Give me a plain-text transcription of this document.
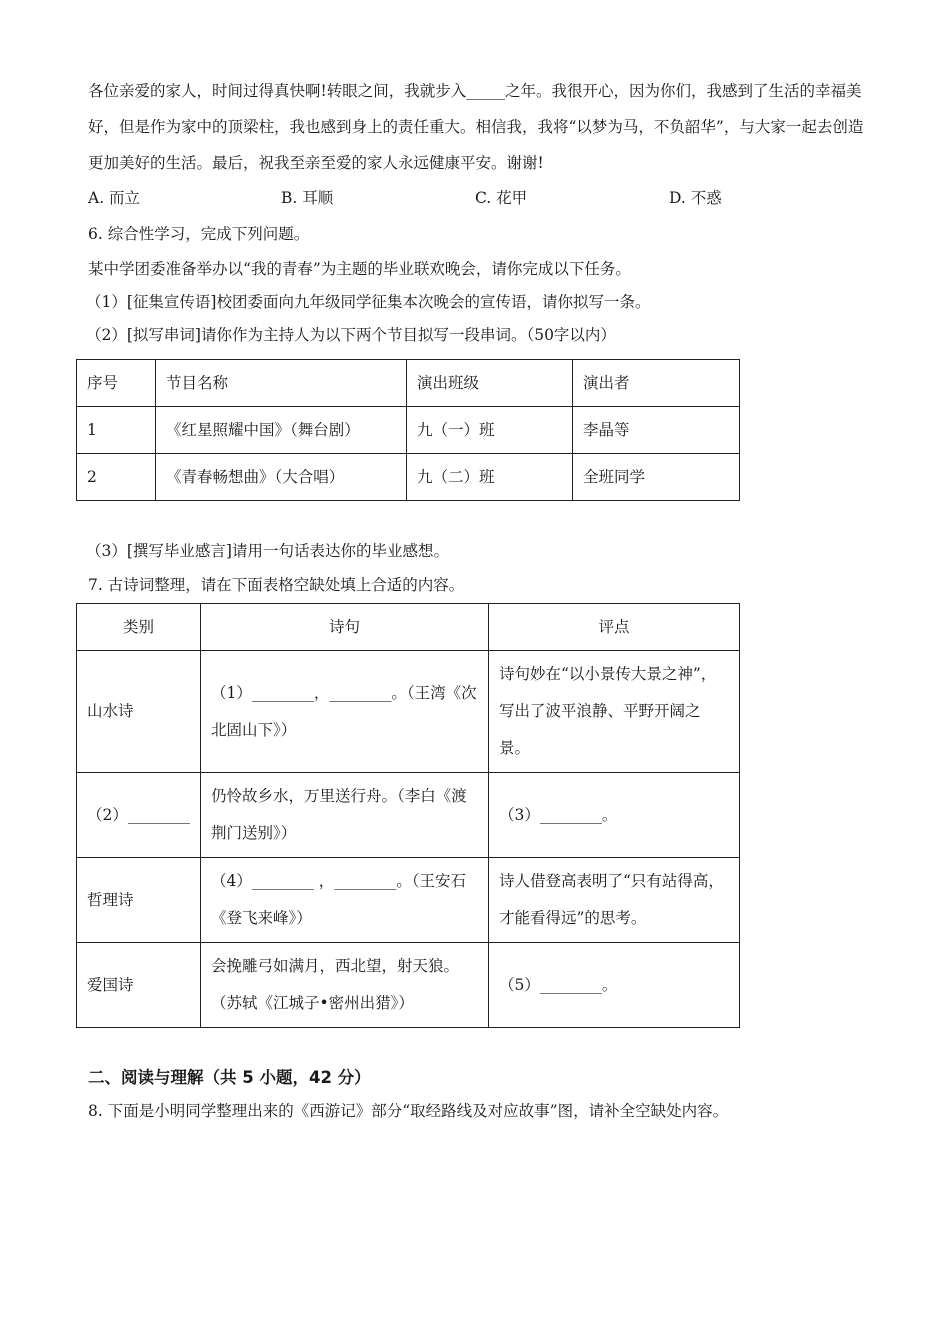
各位亲爱的家人，时间过得真快啊!转眼之间，我就步入_____之年。我很开心，因为你们，我感到了生活的幸福美好，但是作为家中的顶梁柱，我也感到身上的责任重大。相信我，我将“以梦为马，不负韶华”，与大家一起去创造更加美好的生活。最后，祝我至亲至爱的家人永远健康平安。谢谢!
A. 而立	B. 耳顺	C. 花甲	D. 不惑
6. 综合性学习，完成下列问题。
某中学团委准备举办以“我的青春”为主题的毕业联欢晚会，请你完成以下任务。
（1）[征集宣传语]校团委面向九年级同学征集本次晚会的宣传语，请你拟写一条。
（2）[拟写串词]请你作为主持人为以下两个节目拟写一段串词。（50字以内）
序号	节目名称	演出班级	演出者
1	《红星照耀中国》（舞台剧）	九（一）班	李晶等
2	《青春畅想曲》（大合唱）	九（二）班	全班同学
（3）[撰写毕业感言]请用一句话表达你的毕业感想。
7. 古诗词整理，请在下面表格空缺处填上合适的内容。
类别	诗句	评点
山水诗	（1）________，________。（王湾《次北固山下》）	诗句妙在“以小景传大景之神”，写出了波平浪静、平野开阔之景。
（2）________	仍怜故乡水，万里送行舟。（李白《渡荆门送别》）	（3）________。
哲理诗	（4）________ ，________。（王安石《登飞来峰》）	诗人借登高表明了“只有站得高，才能看得远”的思考。
爱国诗	会挽雕弓如满月，西北望，射天狼。（苏轼《江城子•密州出猎》）	（5）________。
二、阅读与理解（共 5 小题，42 分）
8. 下面是小明同学整理出来的《西游记》部分“取经路线及对应故事”图，请补全空缺处内容。
